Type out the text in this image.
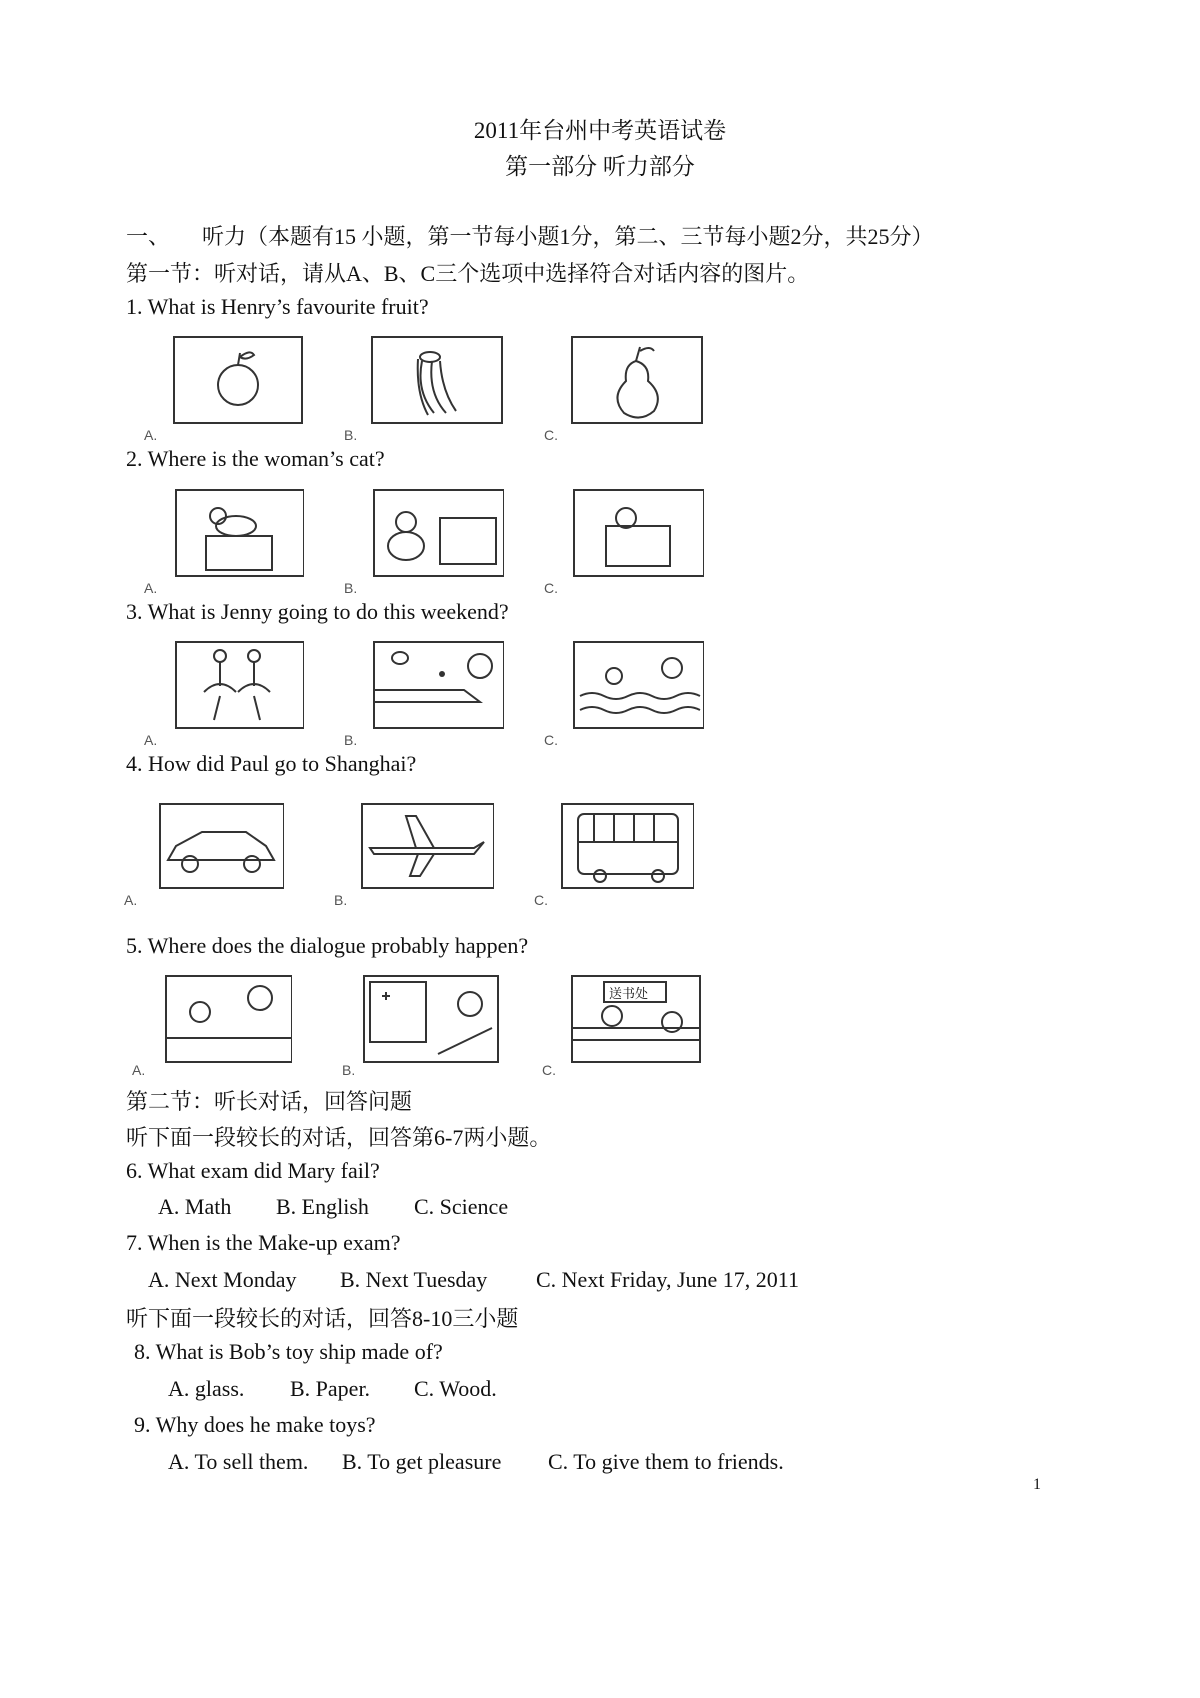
2011年台州中考英语试卷
第一部分 听力部分
一、 听力（本题有15 小题，第一节每小题1分，第二、三节每小题2分，共25分）
第一节：听对话，请从A、B、C三个选项中选择符合对话内容的图片。
1. What is Henry’s favourite fruit?
A.	B.	C.
2. Where is the woman’s cat?
A.	B.	C.
3. What is Jenny going to do this weekend?
A.	B.	C.
4. How did Paul go to Shanghai?
A.	B.	C.
5. Where does the dialogue probably happen?
A.	B.
送书处
C.
第二节：听长对话，回答问题
听下面一段较长的对话，回答第6-7两小题。
6. What exam did Mary fail?
A. Math B. English C. Science
7. When is the Make-up exam?
A. Next Monday B. Next Tuesday C. Next Friday, June 17, 2011
听下面一段较长的对话，回答8-10三小题
8. What is Bob’s toy ship made of?
A. glass. B. Paper. C. Wood.
9. Why does he make toys?
A. To sell them. B. To get pleasure C. To give them to friends.
1
